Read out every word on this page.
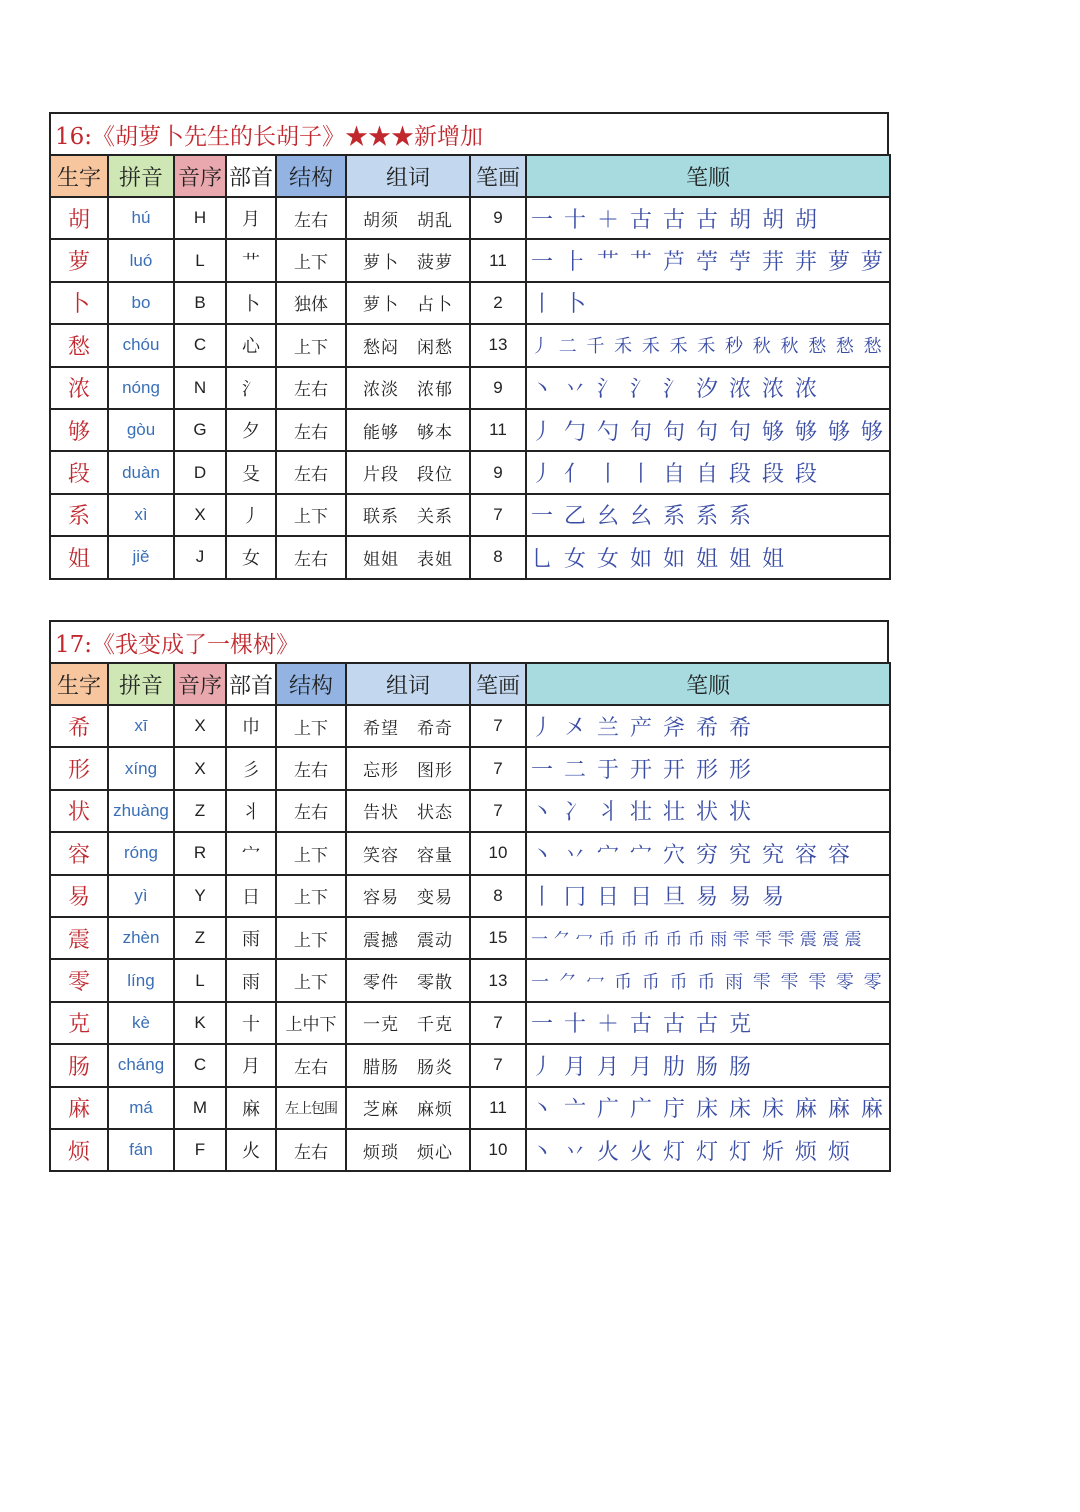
16:《胡萝卜先生的长胡子》★★★新增加
生字	拼音	音序	部首	结构	组词	笔画	笔顺
胡	hú	H	月	左右	胡须　胡乱	9	一 十 ＋ 古 古 古 胡 胡 胡
萝	luó	L	艹	上下	萝卜　菠萝	11	一 ⺊ 艹 艹 芦 苧 苧 茾 茾 萝 萝
卜	bo	B	卜	独体	萝卜　占卜	2	丨 卜
愁	chóu	C	心	上下	愁闷　闲愁	13	丿 二 千 禾 禾 禾 禾 秒 秋 秋 愁 愁 愁
浓	nóng	N	氵	左右	浓淡　浓郁	9	丶 丷 氵 氵 氵 汐 浓 浓 浓
够	gòu	G	夕	左右	能够　够本	11	丿 勹 勺 句 句 句 句 够 够 够 够
段	duàn	D	殳	左右	片段　段位	9	丿 亻 丨 丨 自 自 段 段 段
系	xì	X	丿	上下	联系　关系	7	一 乙 幺 幺 系 系 系
姐	jiě	J	女	左右	姐姐　表姐	8	乚 女 女 如 如 姐 姐 姐
17:《我变成了一棵树》
生字	拼音	音序	部首	结构	组词	笔画	笔顺
希	xī	X	巾	上下	希望　希奇	7	丿 㐅 兰 产 斧 希 希
形	xíng	X	彡	左右	忘形　图形	7	一 二 于 开 开 形 形
状	zhuàng	Z	丬	左右	告状　状态	7	丶 冫 丬 壮 壮 状 状
容	róng	R	宀	上下	笑容　容量	10	丶 丷 宀 宀 穴 穷 究 究 容 容
易	yì	Y	日	上下	容易　变易	8	丨 冂 日 日 旦 易 易 易
震	zhèn	Z	雨	上下	震撼　震动	15	一 ⺈ 冖 币 币 币 币 币 雨 雫 雫 雫 震 震 震
零	líng	L	雨	上下	零件　零散	13	一 ⺈ 冖 币 币 币 币 雨 雫 雫 雫 零 零
克	kè	K	十	上中下	一克　千克	7	一 十 ＋ 古 古 古 克
肠	cháng	C	月	左右	腊肠　肠炎	7	丿 月 月 月 肋 肠 肠
麻	má	M	麻	左上包围	芝麻　麻烦	11	丶 亠 广 广 庁 床 床 床 麻 麻 麻
烦	fán	F	火	左右	烦琐　烦心	10	丶 丷 火 火 灯 灯 灯 炘 烦 烦
